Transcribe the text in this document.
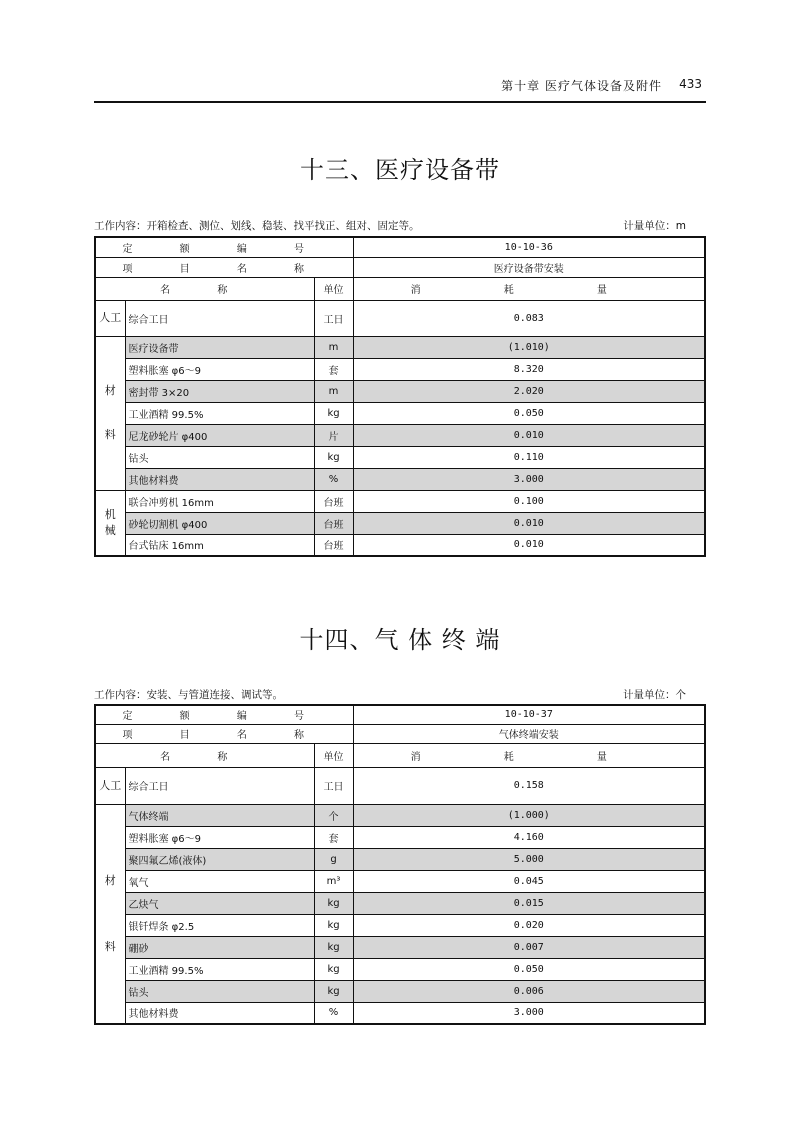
第十章 医疗气体设备及附件 433
十三、医疗设备带
工作内容：开箱检查、测位、划线、稳装、找平找正、组对、固定等。	计量单位：m
定 额 编 号			10-10-36
项 目 名 称			医疗设备带安装
名 称		单位	消 耗 量
人工	综合工日	工日	0.083

材
料	医疗设备带	m	(1.010)
	塑料胀塞 φ6～9	套	8.320
	密封带 3×20	m	2.020
	工业酒精 99.5%	kg	0.050
	尼龙砂轮片 φ400	片	0.010
	钻头	kg	0.110
	其他材料费	%	3.000
机械	联合冲剪机 16mm	台班	0.100
	砂轮切割机 φ400	台班	0.010
	台式钻床 16mm	台班	0.010
十四、气 体 终 端
工作内容：安装、与管道连接、调试等。	计量单位：个
定 额 编 号			10-10-37
项 目 名 称			气体终端安装
名 称		单位	消 耗 量
人工	综合工日	工日	0.158

材
料	气体终端	个	(1.000)
	塑料胀塞 φ6～9	套	4.160
	聚四氟乙烯(液体)	g	5.000
	氧气	m³	0.045
	乙炔气	kg	0.015
	银钎焊条 φ2.5	kg	0.020
	硼砂	kg	0.007
	工业酒精 99.5%	kg	0.050
	钻头	kg	0.006
	其他材料费	%	3.000
